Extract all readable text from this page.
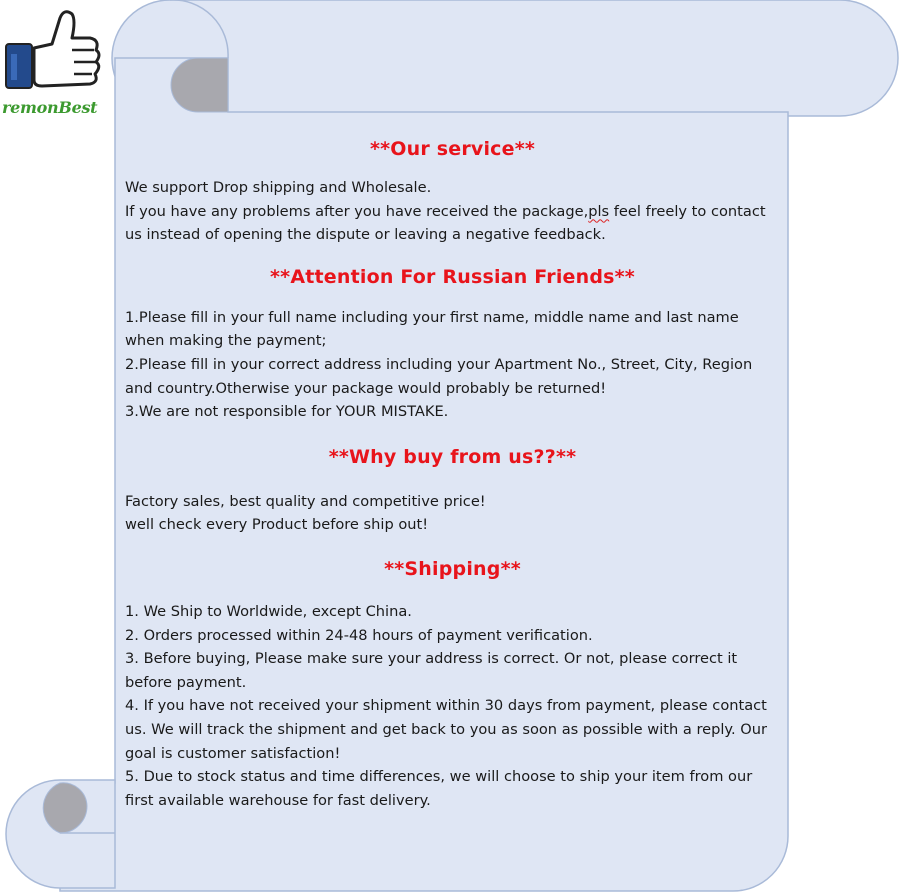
remonBest
**Our service**

We support Drop shipping and Wholesale.
If you have any problems after you have received the package,pls feel freely to contact us instead of opening the dispute or leaving a negative feedback.

**Attention For Russian Friends**

1.Please fill in your full name including your first name, middle name and last name when making the payment;
2.Please fill in your correct address including your Apartment No., Street, City, Region and country.Otherwise your package would probably be returned!
3.We are not responsible for YOUR MISTAKE.

**Why buy from us??**

Factory sales, best quality and competitive price!
well check every Product before ship out!

**Shipping**

1. We Ship to Worldwide, except China.
2. Orders processed within 24-48 hours of payment verification.
3. Before buying, Please make sure your address is correct. Or not, please correct it before payment.
4. If you have not received your shipment within 30 days from payment, please contact us. We will track the shipment and get back to you as soon as possible with a reply. Our goal is customer satisfaction!
5. Due to stock status and time differences, we will choose to ship your item from our first available warehouse for fast delivery.
